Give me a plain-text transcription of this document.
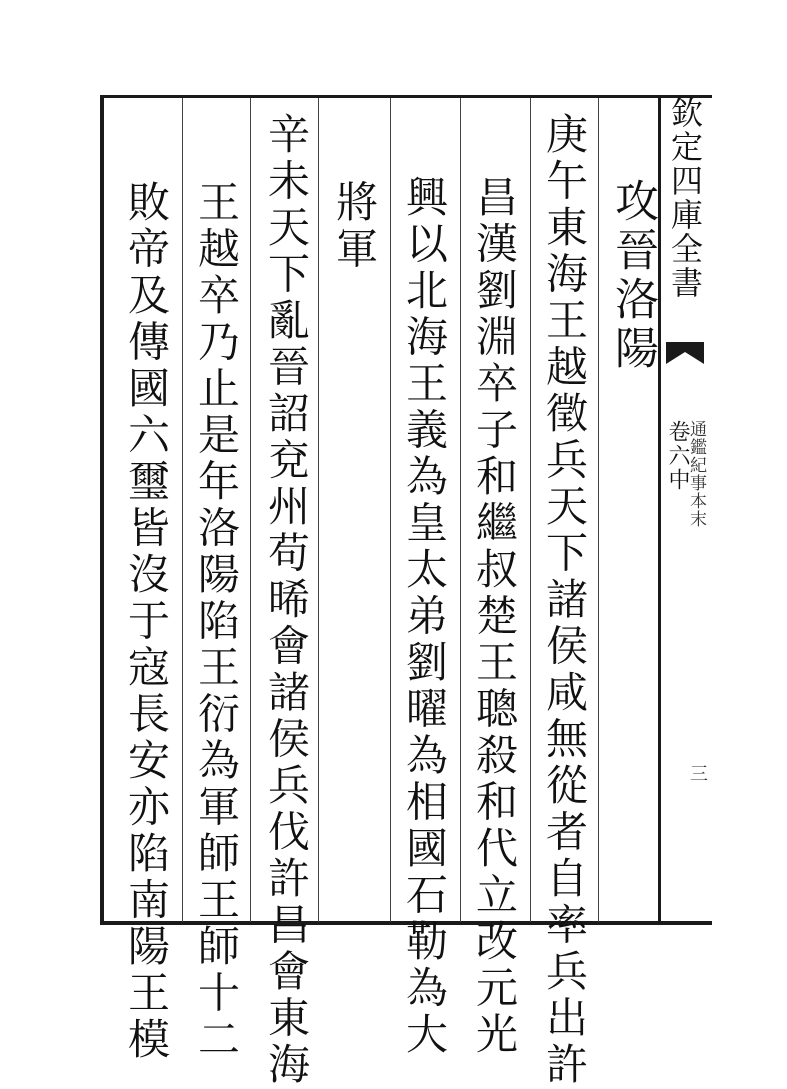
欽定四庫全書
通鑑紀事本末
卷六中
三
攻晉洛陽
庚午東海王越徵兵天下諸侯咸無從者自率兵出許
昌漢劉淵卒子和繼叔楚王聰殺和代立改元光
興以北海王義為皇太弟劉曜為相國石勒為大
將軍
辛未天下亂晉詔兗州苟晞會諸侯兵伐許昌會東海
王越卒乃止是年洛陽陷王衍為軍師王師十二
敗帝及傳國六璽皆沒于寇長安亦陷南陽王模
